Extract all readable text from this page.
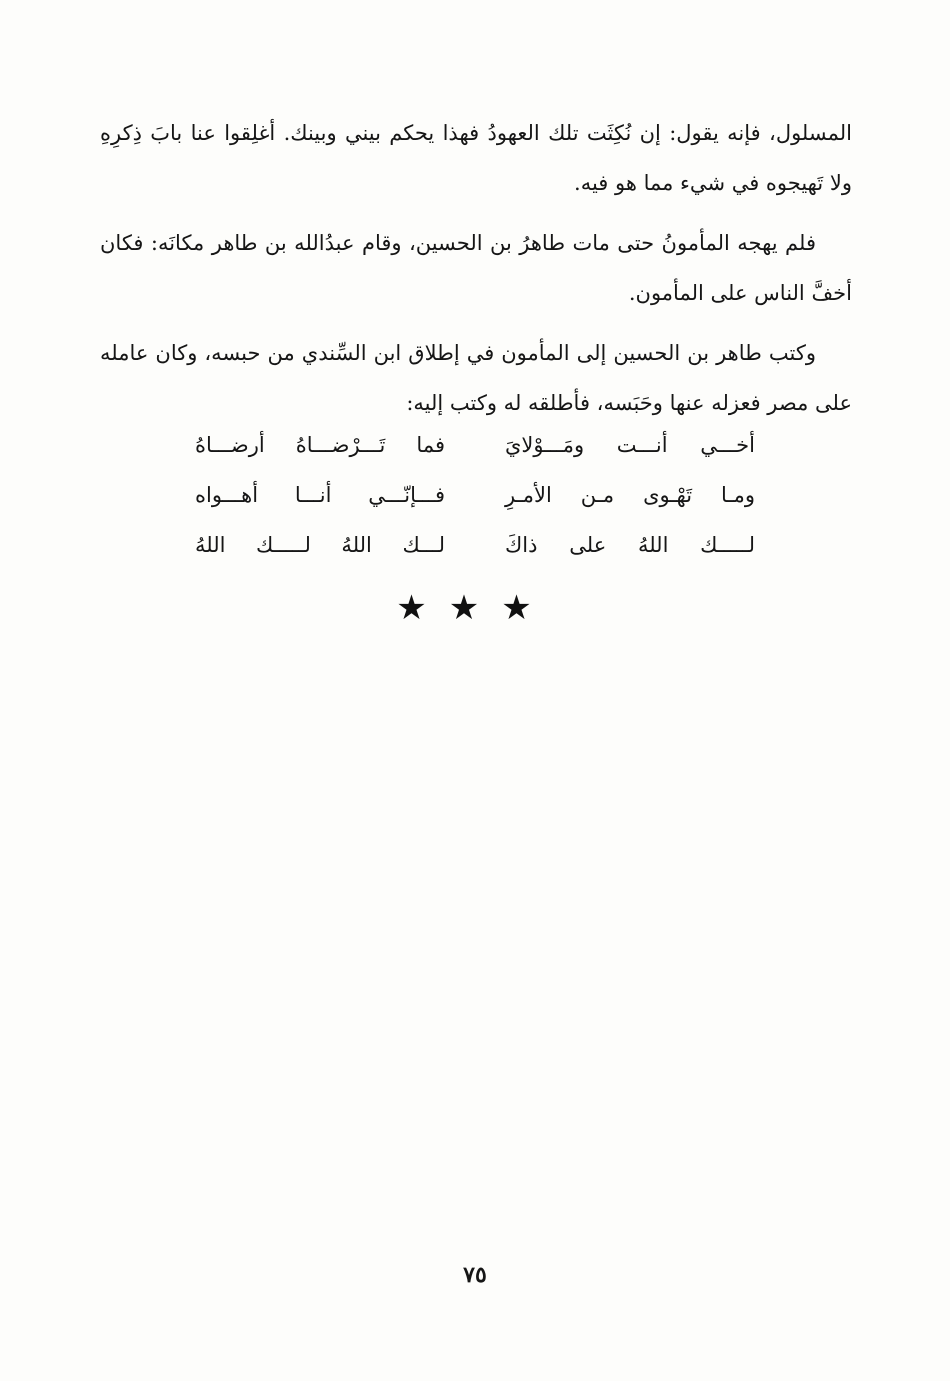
المسلول، فإنه يقول: إن نُكِثَت تلك العهودُ فهذا يحكم بيني وبينك. أغلِقوا عنا بابَ ذِكرِهِ ولا تَهيجوه في شيء مما هو فيه.
فلم يهجه المأمونُ حتى مات طاهرُ بن الحسين، وقام عبدُالله بن طاهر مكانَه: فكان أخفَّ الناس على المأمون.
وكتب طاهر بن الحسين إلى المأمون في إطلاق ابن السِّندي من حبسه، وكان عامله على مصر فعزله عنها وحَبَسه، فأطلقه له وكتب إليه:
أخـــي أنـــت ومَـــوْلايَ
فما تَـــرْضـــاهُ أرضـــاهُ
ومـا تَهْـوى مـن الأمـرِ
فـــإنّـــي أنـــا أهـــواه
لـــــك اللهُ على ذاكَ
لـــك اللهُ لـــــك اللهُ
★★★
٧٥
